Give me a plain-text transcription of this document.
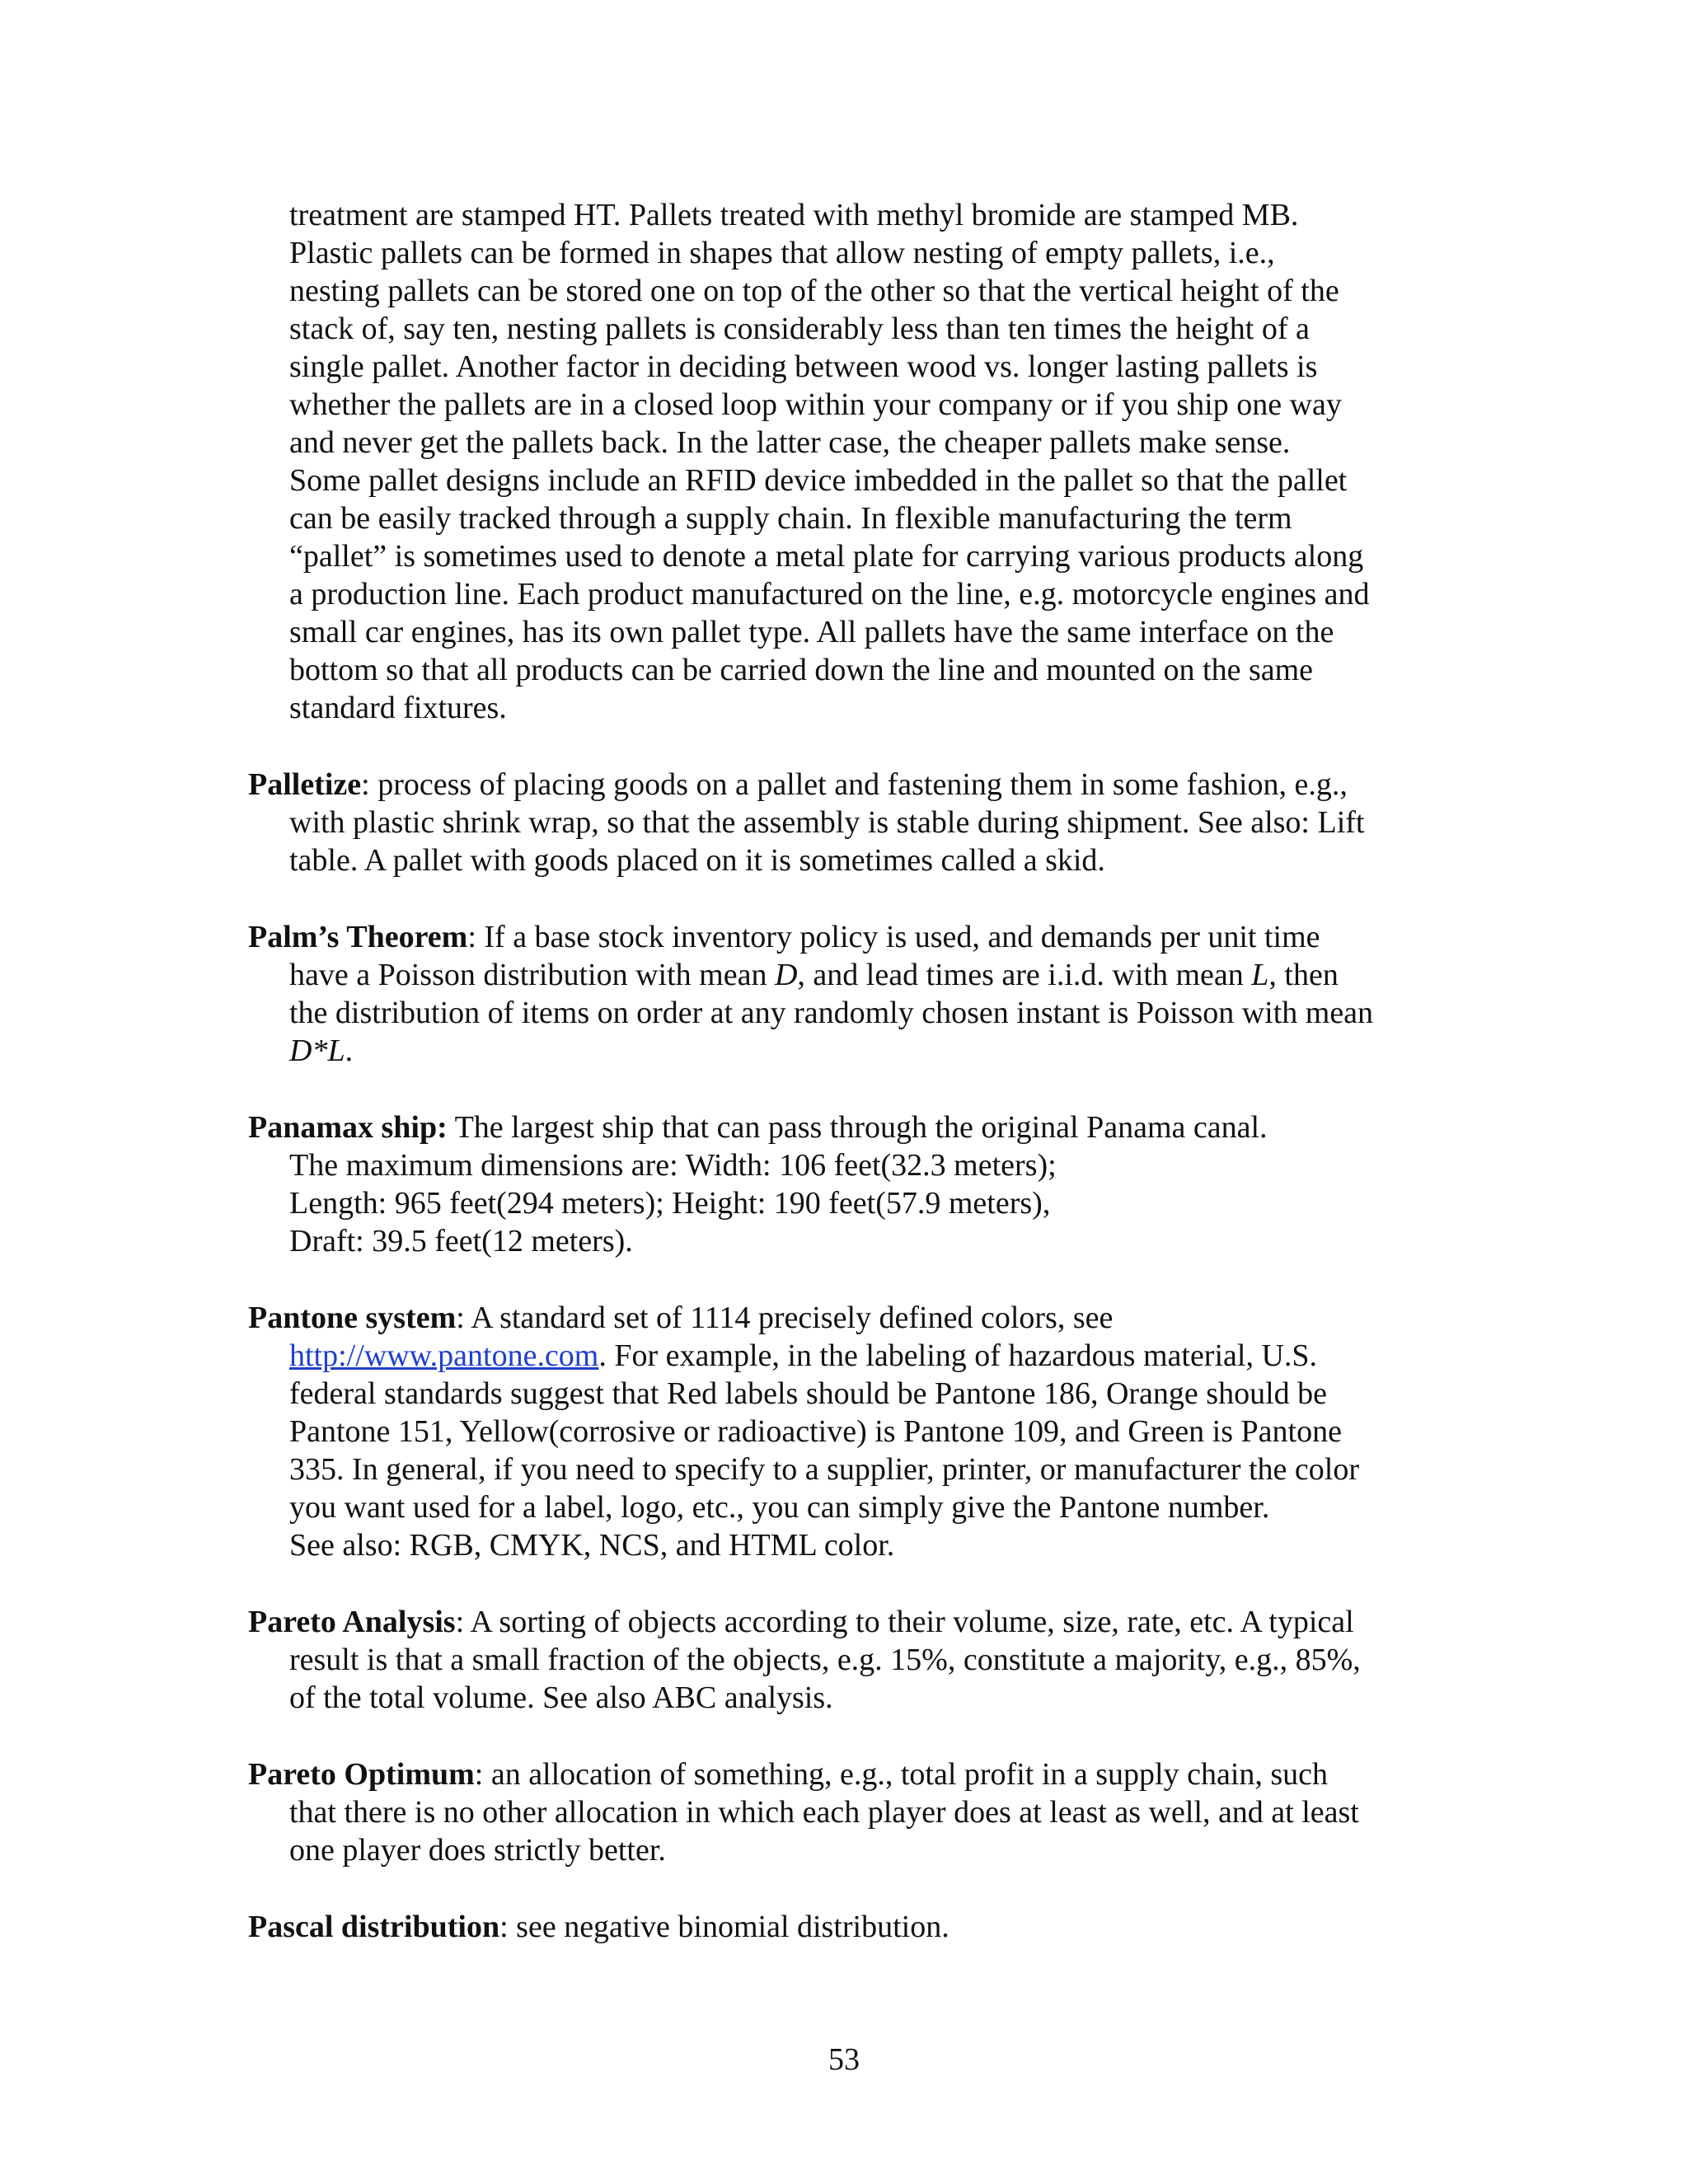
treatment are stamped HT. Pallets treated with methyl bromide are stamped MB.
Plastic pallets can be formed in shapes that allow nesting of empty pallets, i.e.,
nesting pallets can be stored one on top of the other so that the vertical height of the
stack of, say ten, nesting pallets is considerably less than ten times the height of a
single pallet. Another factor in deciding between wood vs. longer lasting pallets is
whether the pallets are in a closed loop within your company or if you ship one way
and never get the pallets back. In the latter case, the cheaper pallets make sense.
Some pallet designs include an RFID device imbedded in the pallet so that the pallet
can be easily tracked through a supply chain. In flexible manufacturing the term
“pallet” is sometimes used to denote a metal plate for carrying various products along
a production line. Each product manufactured on the line, e.g. motorcycle engines and
small car engines, has its own pallet type. All pallets have the same interface on the
bottom so that all products can be carried down the line and mounted on the same
standard fixtures.
Palletize: process of placing goods on a pallet and fastening them in some fashion, e.g.,
with plastic shrink wrap, so that the assembly is stable during shipment. See also: Lift
table. A pallet with goods placed on it is sometimes called a skid.
Palm’s Theorem: If a base stock inventory policy is used, and demands per unit time
have a Poisson distribution with mean D, and lead times are i.i.d. with mean L, then
the distribution of items on order at any randomly chosen instant is Poisson with mean
D*L.
Panamax ship: The largest ship that can pass through the original Panama canal.
The maximum dimensions are: Width: 106 feet(32.3 meters);
Length: 965 feet(294 meters); Height: 190 feet(57.9 meters),
Draft: 39.5 feet(12 meters).
Pantone system: A standard set of 1114 precisely defined colors, see
http://www.pantone.com. For example, in the labeling of hazardous material, U.S.
federal standards suggest that Red labels should be Pantone 186, Orange should be
Pantone 151, Yellow(corrosive or radioactive) is Pantone 109, and Green is Pantone
335. In general, if you need to specify to a supplier, printer, or manufacturer the color
you want used for a label, logo, etc., you can simply give the Pantone number.
See also: RGB, CMYK, NCS, and HTML color.
Pareto Analysis: A sorting of objects according to their volume, size, rate, etc. A typical
result is that a small fraction of the objects, e.g. 15%, constitute a majority, e.g., 85%,
of the total volume. See also ABC analysis.
Pareto Optimum: an allocation of something, e.g., total profit in a supply chain, such
that there is no other allocation in which each player does at least as well, and at least
one player does strictly better.
Pascal distribution: see negative binomial distribution.
53
